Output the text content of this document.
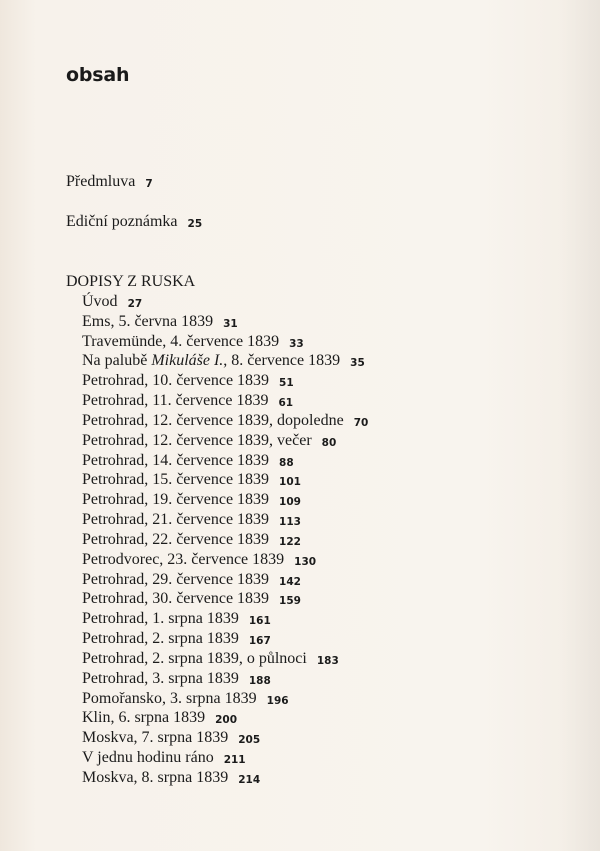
obsah
Předmluva 7
Ediční poznámka 25
DOPISY Z RUSKA
Úvod 27
Ems, 5. června 1839 31
Travemünde, 4. července 1839 33
Na palubě Mikuláše I., 8. července 1839 35
Petrohrad, 10. července 1839 51
Petrohrad, 11. července 1839 61
Petrohrad, 12. července 1839, dopoledne 70
Petrohrad, 12. července 1839, večer 80
Petrohrad, 14. července 1839 88
Petrohrad, 15. července 1839 101
Petrohrad, 19. července 1839 109
Petrohrad, 21. července 1839 113
Petrohrad, 22. července 1839 122
Petrodvorec, 23. července 1839 130
Petrohrad, 29. července 1839 142
Petrohrad, 30. července 1839 159
Petrohrad, 1. srpna 1839 161
Petrohrad, 2. srpna 1839 167
Petrohrad, 2. srpna 1839, o půlnoci 183
Petrohrad, 3. srpna 1839 188
Pomořansko, 3. srpna 1839 196
Klin, 6. srpna 1839 200
Moskva, 7. srpna 1839 205
V jednu hodinu ráno 211
Moskva, 8. srpna 1839 214
